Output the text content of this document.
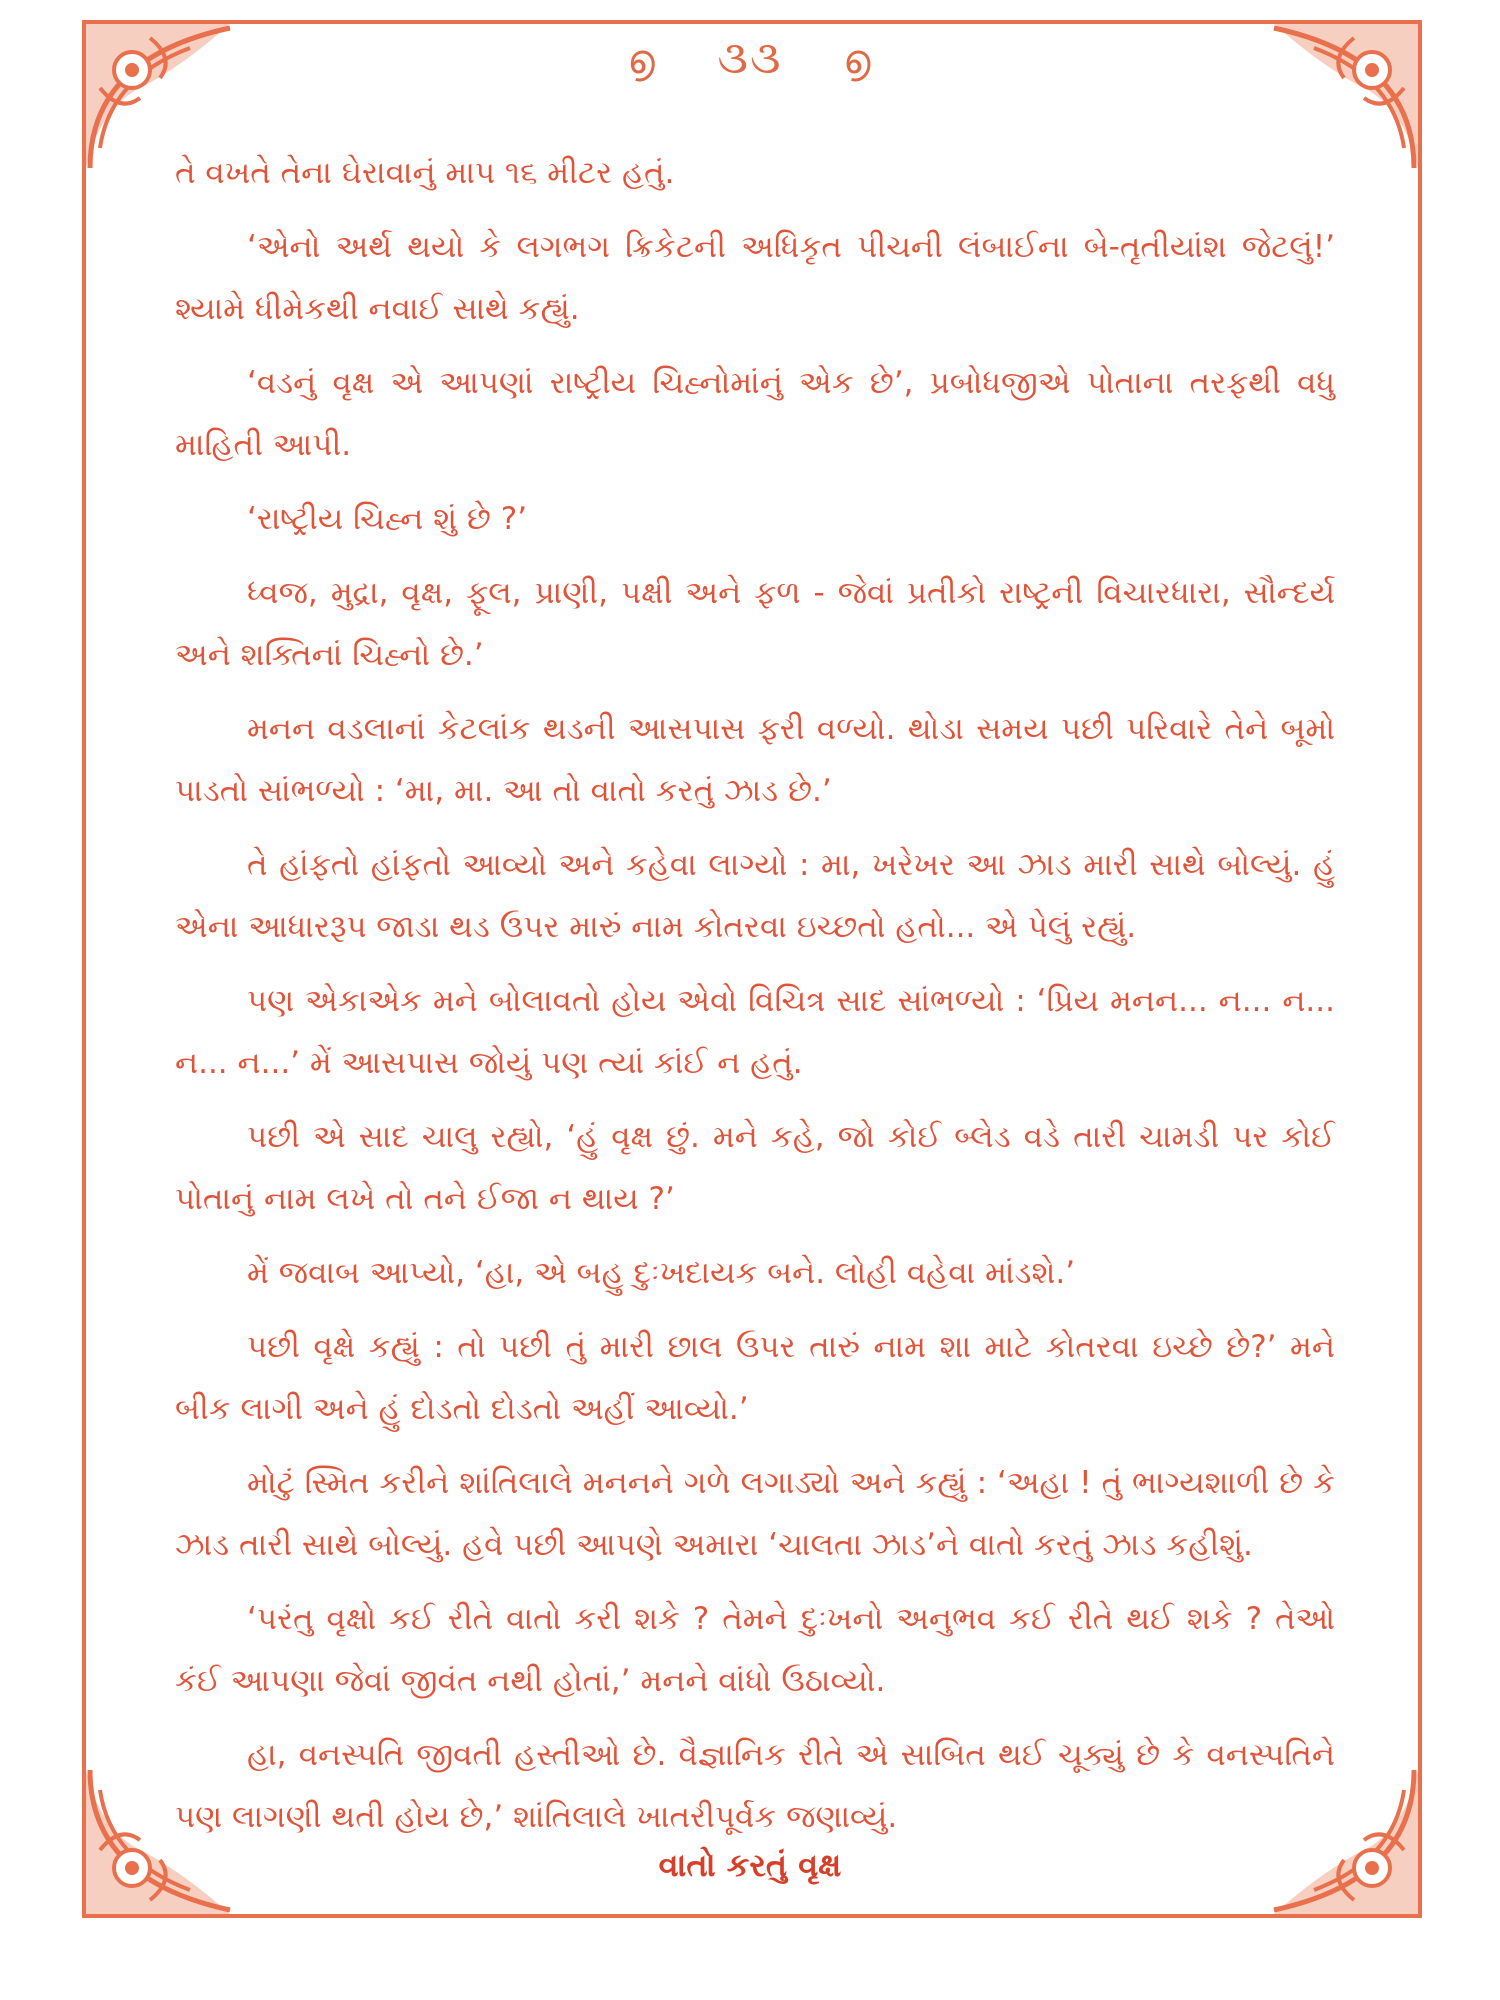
൭ ૩૩ ൭

તે વખતે તેના ઘેરાવાનું માપ ૧૬ મીટર હતું.

‘એનો અર્થ થયો કે લગભગ ક્રિકેટની અધિકૃત પીચની લંબાઈના બે-તૃતીયાંશ જેટલું!’ શ્યામે ધીમેકથી નવાઈ સાથે કહ્યું.

‘વડનું વૃક્ષ એ આપણાં રાષ્ટ્રીય ચિહ્નોમાંનું એક છે’, પ્રબોધજીએ પોતાના તરફથી વધુ માહિતી આપી.

‘રાષ્ટ્રીય ચિહ્ન શું છે ?’

ધ્વજ, મુદ્રા, વૃક્ષ, ફૂલ, પ્રાણી, પક્ષી અને ફળ - જેવાં પ્રતીકો રાષ્ટ્રની વિચારધારા, સૌન્દર્ય અને શક્તિનાં ચિહ્નો છે.’

મનન વડલાનાં કેટલાંક થડની આસપાસ ફરી વળ્યો. થોડા સમય પછી પરિવારે તેને બૂમો પાડતો સાંભળ્યો : ‘મા, મા. આ તો વાતો કરતું ઝાડ છે.’

તે હાંફતો હાંફતો આવ્યો અને કહેવા લાગ્યો : મા, ખરેખર આ ઝાડ મારી સાથે બોલ્યું. હું એના આધારરૂપ જાડા થડ ઉપર મારું નામ કોતરવા ઇચ્છતો હતો... એ પેલું રહ્યું.

પણ એકાએક મને બોલાવતો હોય એવો વિચિત્ર સાદ સાંભળ્યો : ‘પ્રિય મનન... ન... ન... ન... ન...’ મેં આસપાસ જોયું પણ ત્યાં કાંઈ ન હતું.

પછી એ સાદ ચાલુ રહ્યો, ‘હું વૃક્ષ છું. મને કહે, જો કોઈ બ્લેડ વડે તારી ચામડી પર કોઈ પોતાનું નામ લખે તો તને ઈજા ન થાય ?’

મેં જવાબ આપ્યો, ‘હા, એ બહુ દુઃખદાયક બને. લોહી વહેવા માંડશે.’

પછી વૃક્ષે કહ્યું : તો પછી તું મારી છાલ ઉપર તારું નામ શા માટે કોતરવા ઇચ્છે છે?’ મને બીક લાગી અને હું દોડતો દોડતો અહીં આવ્યો.’

મોટું સ્મિત કરીને શાંતિલાલે મનનને ગળે લગાડ્યો અને કહ્યું : ‘અહા ! તું ભાગ્યશાળી છે કે ઝાડ તારી સાથે બોલ્યું. હવે પછી આપણે અમારા ‘ચાલતા ઝાડ’ને વાતો કરતું ઝાડ કહીશું.

‘પરંતુ વૃક્ષો કઈ રીતે વાતો કરી શકે ? તેમને દુઃખનો અનુભવ કઈ રીતે થઈ શકે ? તેઓ કંઈ આપણા જેવાં જીવંત નથી હોતાં,’ મનને વાંધો ઉઠાવ્યો.

હા, વનસ્પતિ જીવતી હસ્તીઓ છે. વૈજ્ઞાનિક રીતે એ સાબિત થઈ ચૂક્યું છે કે વનસ્પતિને પણ લાગણી થતી હોય છે,’ શાંતિલાલે ખાતરીપૂર્વક જણાવ્યું.

વાતો કરતું વૃક્ષ
